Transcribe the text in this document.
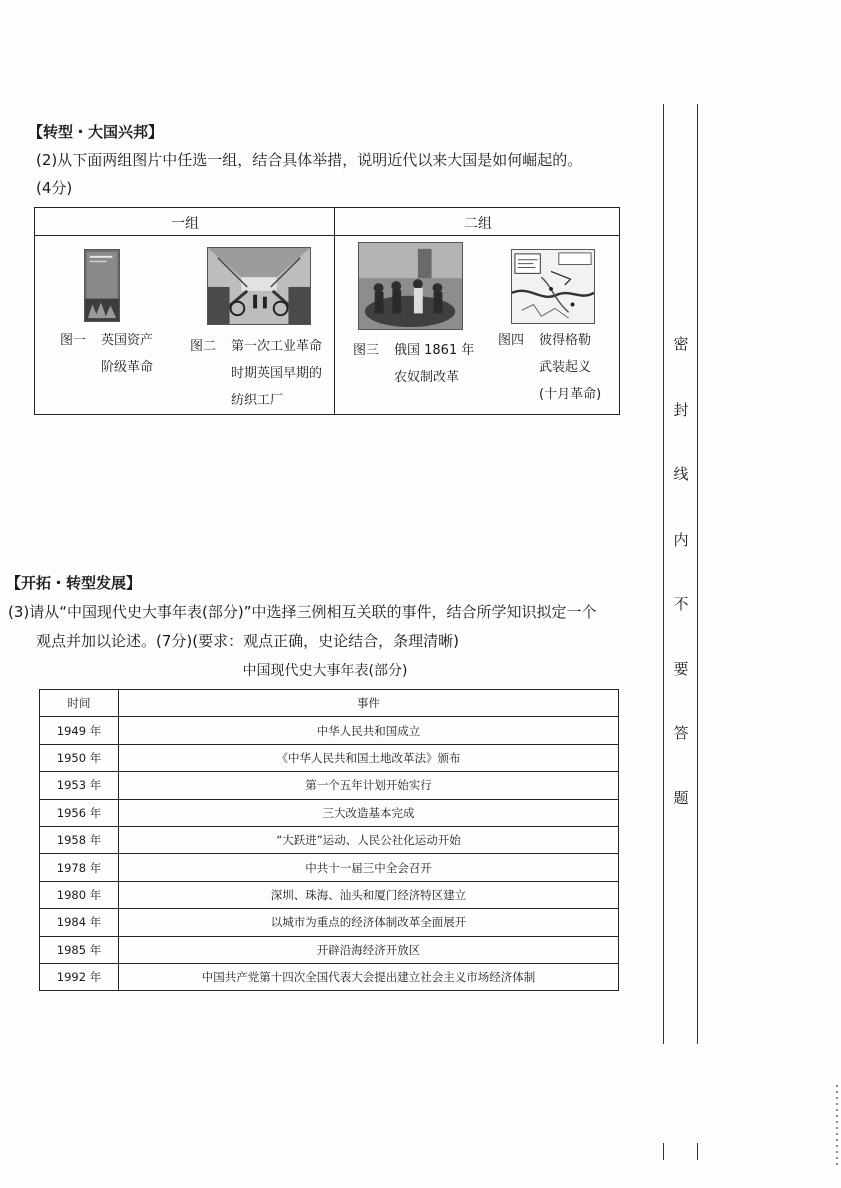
【转型・大国兴邦】
(2)从下面两组图片中任选一组，结合具体举措，说明近代以来大国是如何崛起的。
(4分)
一组	二组
图一 英国资产
阶级革命
图二 第一次工业革命
时期英国早期的
纺织工厂
图三 俄国 1861 年
农奴制改革
图四 彼得格勒
武装起义
(十月革命)
【开拓・转型发展】
(3)请从“中国现代史大事年表(部分)”中选择三例相互关联的事件，结合所学知识拟定一个
观点并加以论述。(7分)(要求：观点正确，史论结合，条理清晰)
中国现代史大事年表(部分)
时间	事件
1949 年	中华人民共和国成立
1950 年	《中华人民共和国土地改革法》颁布
1953 年	第一个五年计划开始实行
1956 年	三大改造基本完成
1958 年	“大跃进”运动、人民公社化运动开始
1978 年	中共十一届三中全会召开
1980 年	深圳、珠海、汕头和厦门经济特区建立
1984 年	以城市为重点的经济体制改革全面展开
1985 年	开辟沿海经济开放区
1992 年	中国共产党第十四次全国代表大会提出建立社会主义市场经济体制
密
封
线
内
不
要
答
题
